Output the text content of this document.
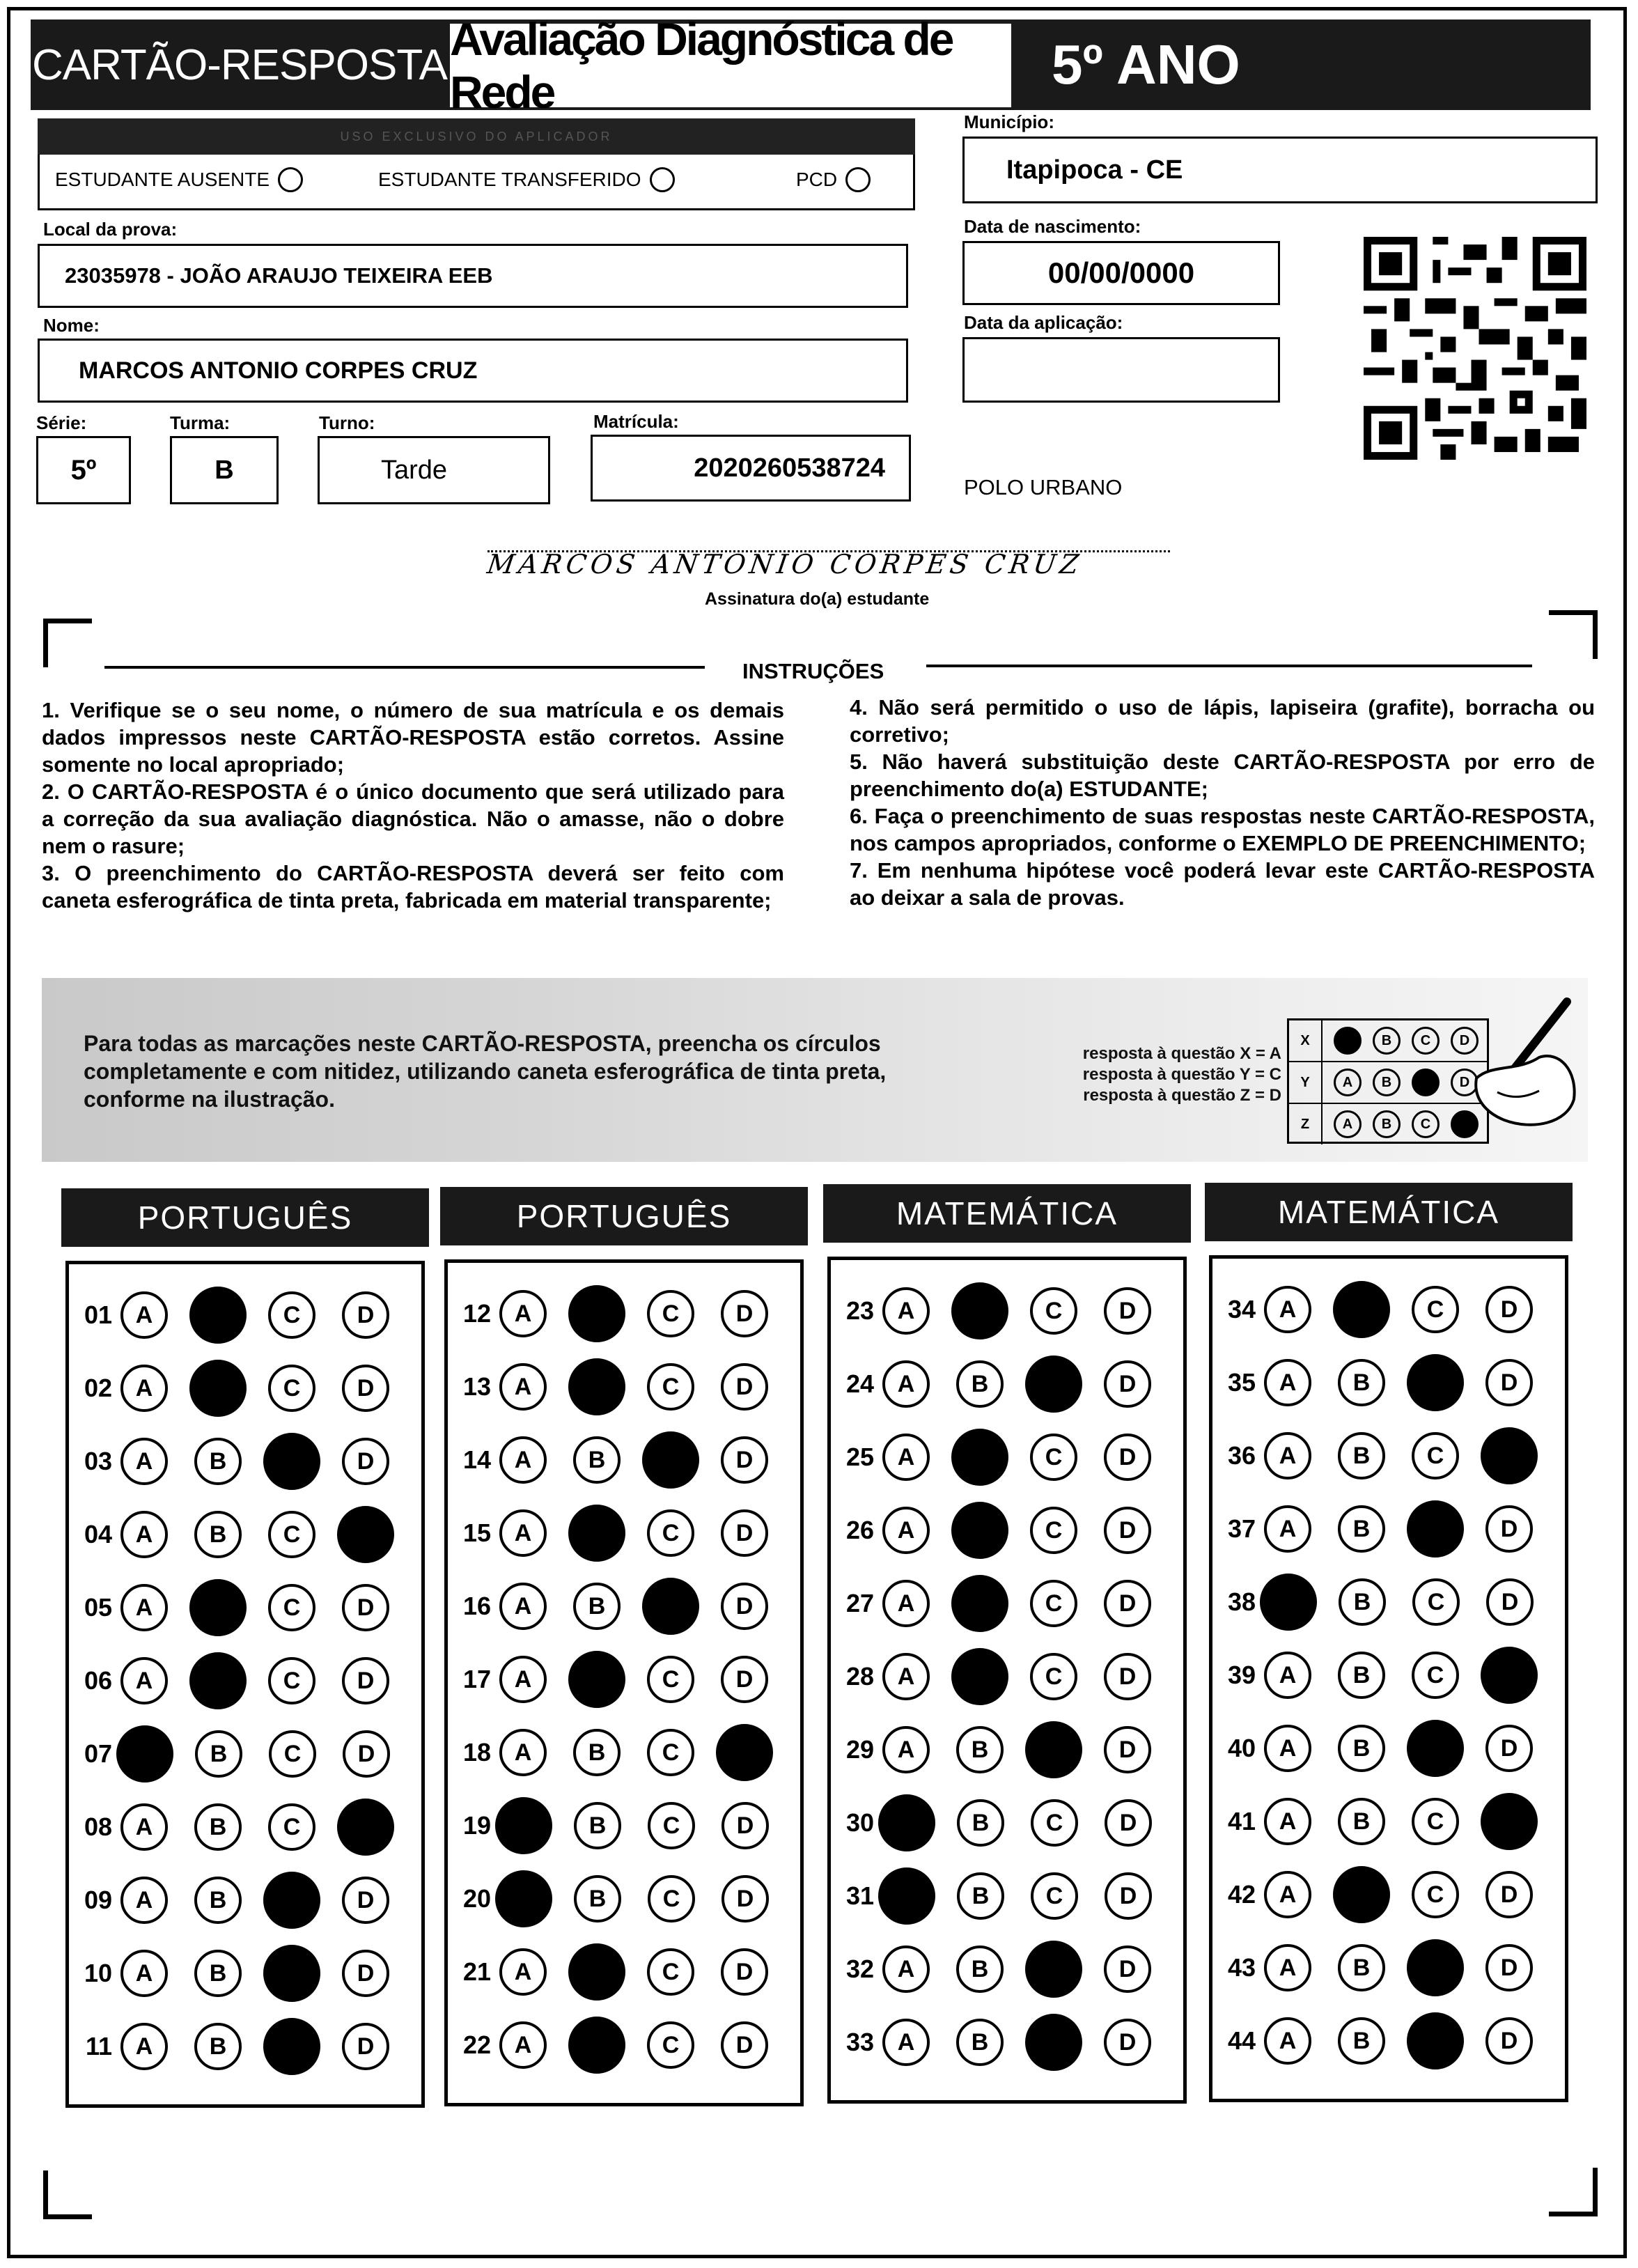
CARTÃO-RESPOSTA Avaliação Diagnóstica de Rede	5º ANO
USO EXCLUSIVO DO APLICADOR
ESTUDANTE AUSENTE	ESTUDANTE TRANSFERIDO	PCD
Município:
Itapipoca - CE
Local da prova:
23035978 - JOÃO ARAUJO TEIXEIRA EEB
Data de nascimento:
00/00/0000
Nome:
MARCOS ANTONIO CORPES CRUZ
Data da aplicação:
Série:
5º
Turma:
B
Turno:
Tarde
Matrícula:
2020260538724
POLO URBANO
MARCOS ANTONIO CORPES CRUZ
Assinatura do(a) estudante
INSTRUÇÕES

1. Verifique se o seu nome, o número de sua matrícula e os demais dados impressos neste CARTÃO-RESPOSTA estão corretos. Assine somente no local apropriado;

2. O CARTÃO-RESPOSTA é o único documento que será utilizado para a correção da sua avaliação diagnóstica. Não o amasse, não o dobre nem o rasure;

3. O preenchimento do CARTÃO-RESPOSTA deverá ser feito com caneta esferográfica de tinta preta, fabricada em material transparente;

4. Não será permitido o uso de lápis, lapiseira (grafite), borracha ou corretivo;

5. Não haverá substituição deste CARTÃO-RESPOSTA por erro de preenchimento do(a) ESTUDANTE;

6. Faça o preenchimento de suas respostas neste CARTÃO-RESPOSTA, nos campos apropriados, conforme o EXEMPLO DE PREENCHIMENTO;

7. Em nenhuma hipótese você poderá levar este CARTÃO-RESPOSTA ao deixar a sala de provas.

Para todas as marcações neste CARTÃO-RESPOSTA, preencha os círculos completamente e com nitidez, utilizando caneta esferográfica de tinta preta, conforme na ilustração.
resposta à questão X = A
resposta à questão Y = C
resposta à questão Z = D
X	A	B	C	D
Y	A	B	C	D
Z	A	B	C	D
PORTUGUÊS
01 A	C	D
02 A	C	D
03 A	B	D
04 A	B	C
05 A	C	D
06 A	C	D
07	B	C	D
08 A	B	C
09 A	B	D
10 A	B	D
11 A	B	D
PORTUGUÊS
12 A	C	D
13 A	C	D
14 A	B	D
15 A	C	D
16 A	B	D
17 A	C	D
18 A	B	C
19	B	C	D
20	B	C	D
21 A	C	D
22 A	C	D
MATEMÁTICA
23 A	C	D
24 A	B	D
25 A	C	D
26 A	C	D
27 A	C	D
28 A	C	D
29 A	B	D
30	B	C	D
31	B	C	D
32 A	B	D
33 A	B	D
MATEMÁTICA
34 A	C	D
35 A	B	D
36 A	B	C
37 A	B	D
38	B	C	D
39 A	B	C
40 A	B	D
41 A	B	C
42 A	C	D
43 A	B	D
44 A	B	D
